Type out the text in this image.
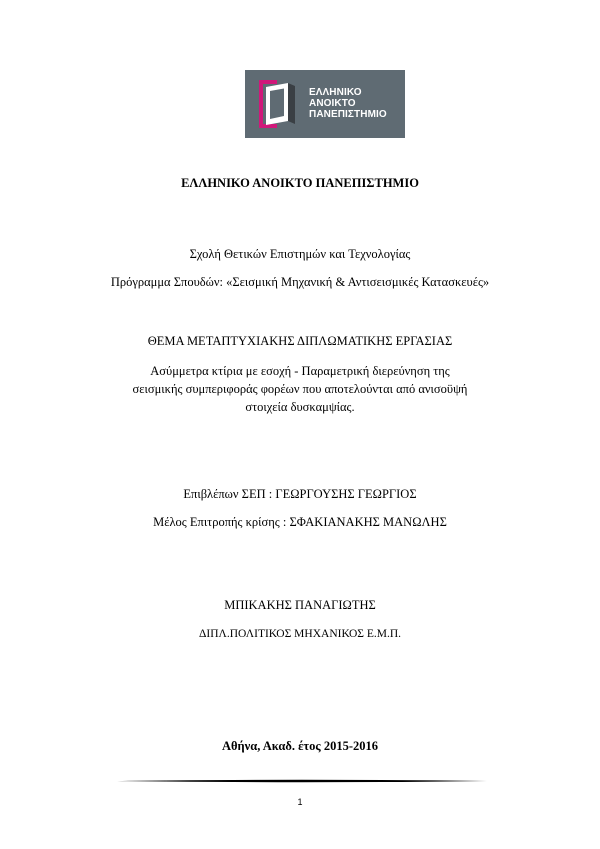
ΕΛΛΗΝΙΚΟ
ΑΝΟΙΚΤΟ
ΠΑΝΕΠΙΣΤΗΜΙΟ
ΕΛΛΗΝΙΚΟ ΑΝΟΙΚΤΟ ΠΑΝΕΠΙΣΤΗΜΙΟ
Σχολή Θετικών Επιστημών και Τεχνολογίας
Πρόγραμμα Σπουδών: «Σεισμική Μηχανική & Αντισεισμικές Κατασκευές»
ΘΕΜΑ ΜΕΤΑΠΤΥΧΙΑΚΗΣ ΔΙΠΛΩΜΑΤΙΚΗΣ ΕΡΓΑΣΙΑΣ
Ασύμμετρα κτίρια με εσοχή - Παραμετρική διερεύνηση της
σεισμικής συμπεριφοράς φορέων που αποτελούνται από ανισοϋψή
στοιχεία δυσκαμψίας.
Επιβλέπων ΣΕΠ : ΓΕΩΡΓΟΥΣΗΣ ΓΕΩΡΓΙΟΣ
Μέλος Επιτροπής κρίσης : ΣΦΑΚΙΑΝΑΚΗΣ ΜΑΝΩΛΗΣ
ΜΠΙΚΑΚΗΣ ΠΑΝΑΓΙΩΤΗΣ
ΔΙΠΛ.ΠΟΛΙΤΙΚΟΣ ΜΗΧΑΝΙΚΟΣ Ε.Μ.Π.
Αθήνα, Ακαδ. έτος 2015-2016
1
